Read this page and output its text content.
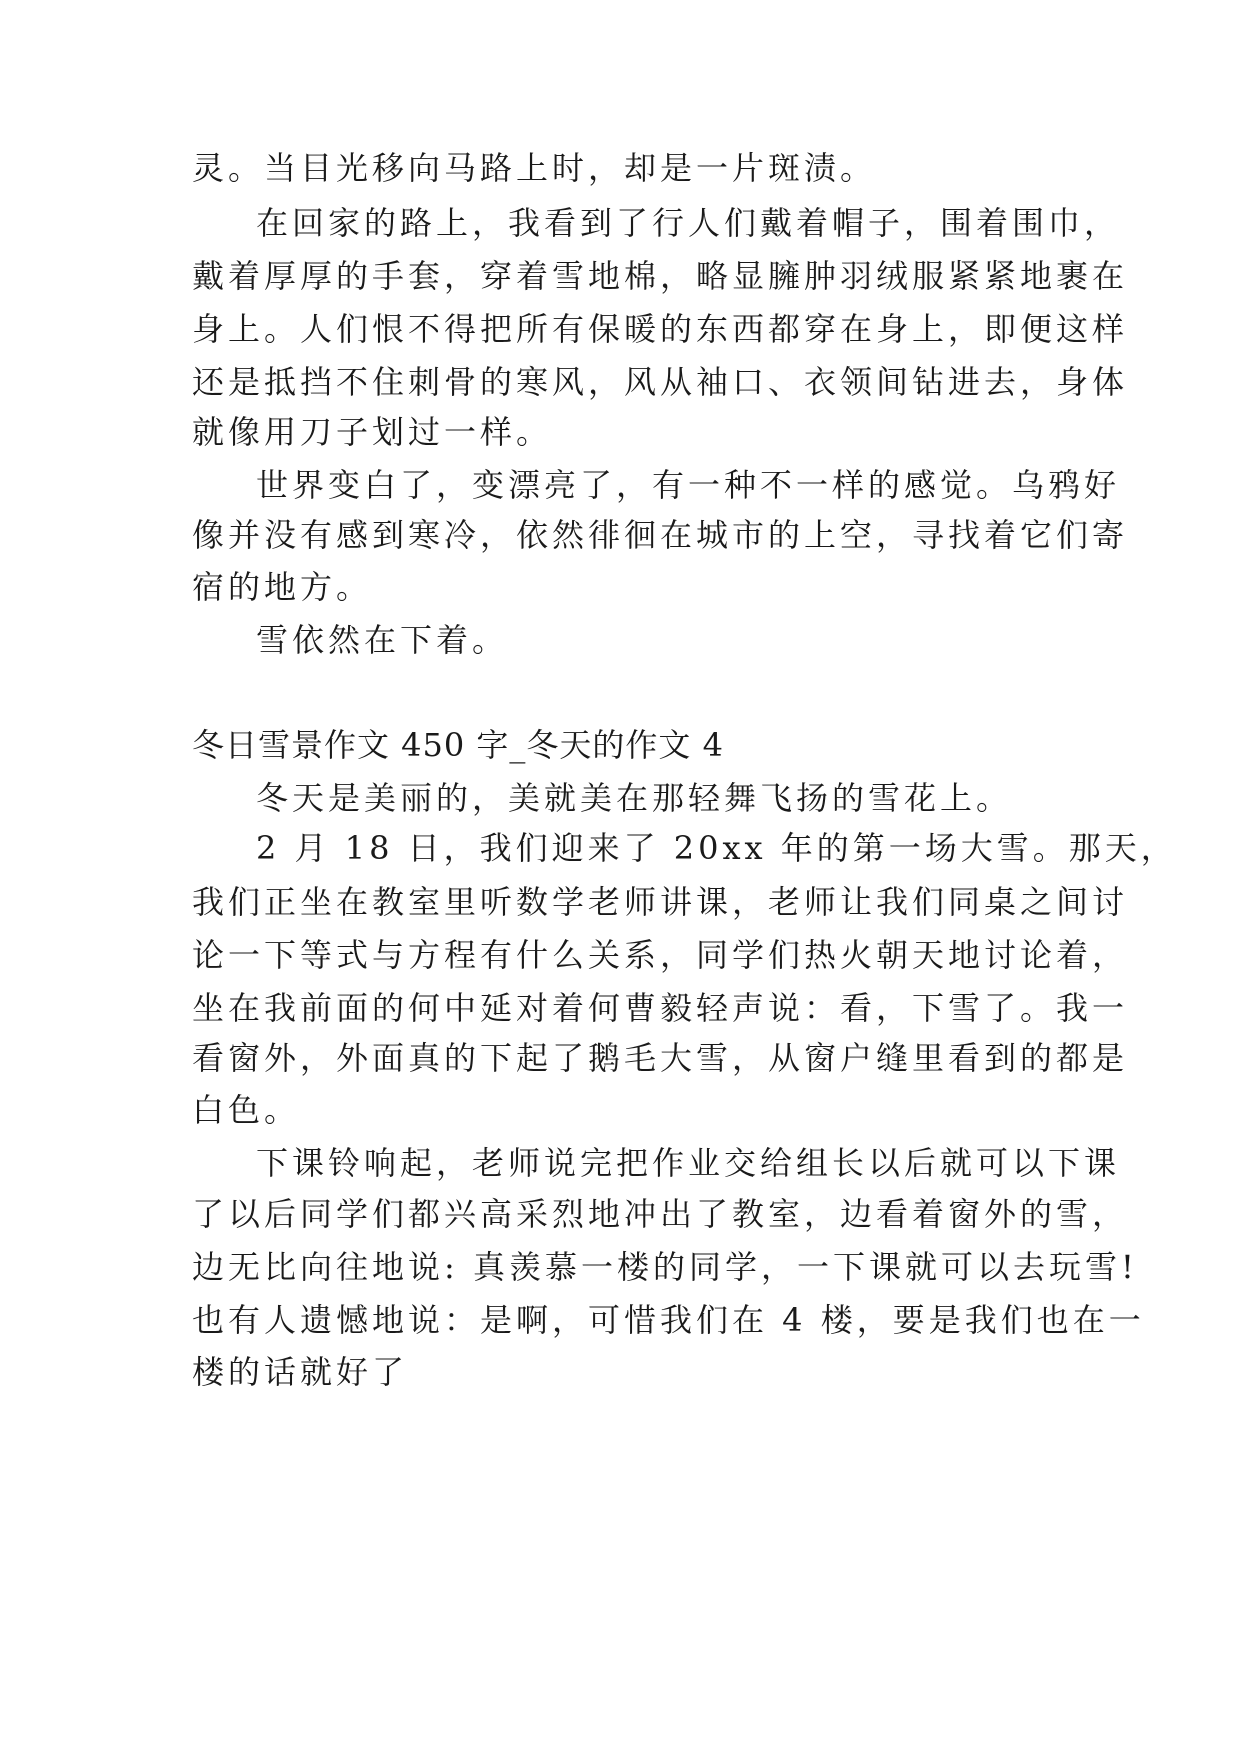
灵。当目光移向马路上时，却是一片斑渍。
在回家的路上，我看到了行人们戴着帽子，围着围巾，
戴着厚厚的手套，穿着雪地棉，略显臃肿羽绒服紧紧地裹在
身上。人们恨不得把所有保暖的东西都穿在身上，即便这样
还是抵挡不住刺骨的寒风，风从袖口、衣领间钻进去，身体
就像用刀子划过一样。
世界变白了，变漂亮了，有一种不一样的感觉。乌鸦好
像并没有感到寒冷，依然徘徊在城市的上空，寻找着它们寄
宿的地方。
雪依然在下着。
冬日雪景作文 450 字_冬天的作文 4
冬天是美丽的，美就美在那轻舞飞扬的雪花上。
2 月 18 日，我们迎来了 20xx 年的第一场大雪。那天，
我们正坐在教室里听数学老师讲课，老师让我们同桌之间讨
论一下等式与方程有什么关系，同学们热火朝天地讨论着，
坐在我前面的何中延对着何曹毅轻声说：看，下雪了。我一
看窗外，外面真的下起了鹅毛大雪，从窗户缝里看到的都是
白色。
下课铃响起，老师说完把作业交给组长以后就可以下课
了以后同学们都兴高采烈地冲出了教室，边看着窗外的雪，
边无比向往地说: 真羡慕一楼的同学，一下课就可以去玩雪!
也有人遗憾地说：是啊，可惜我们在 4 楼，要是我们也在一
楼的话就好了
